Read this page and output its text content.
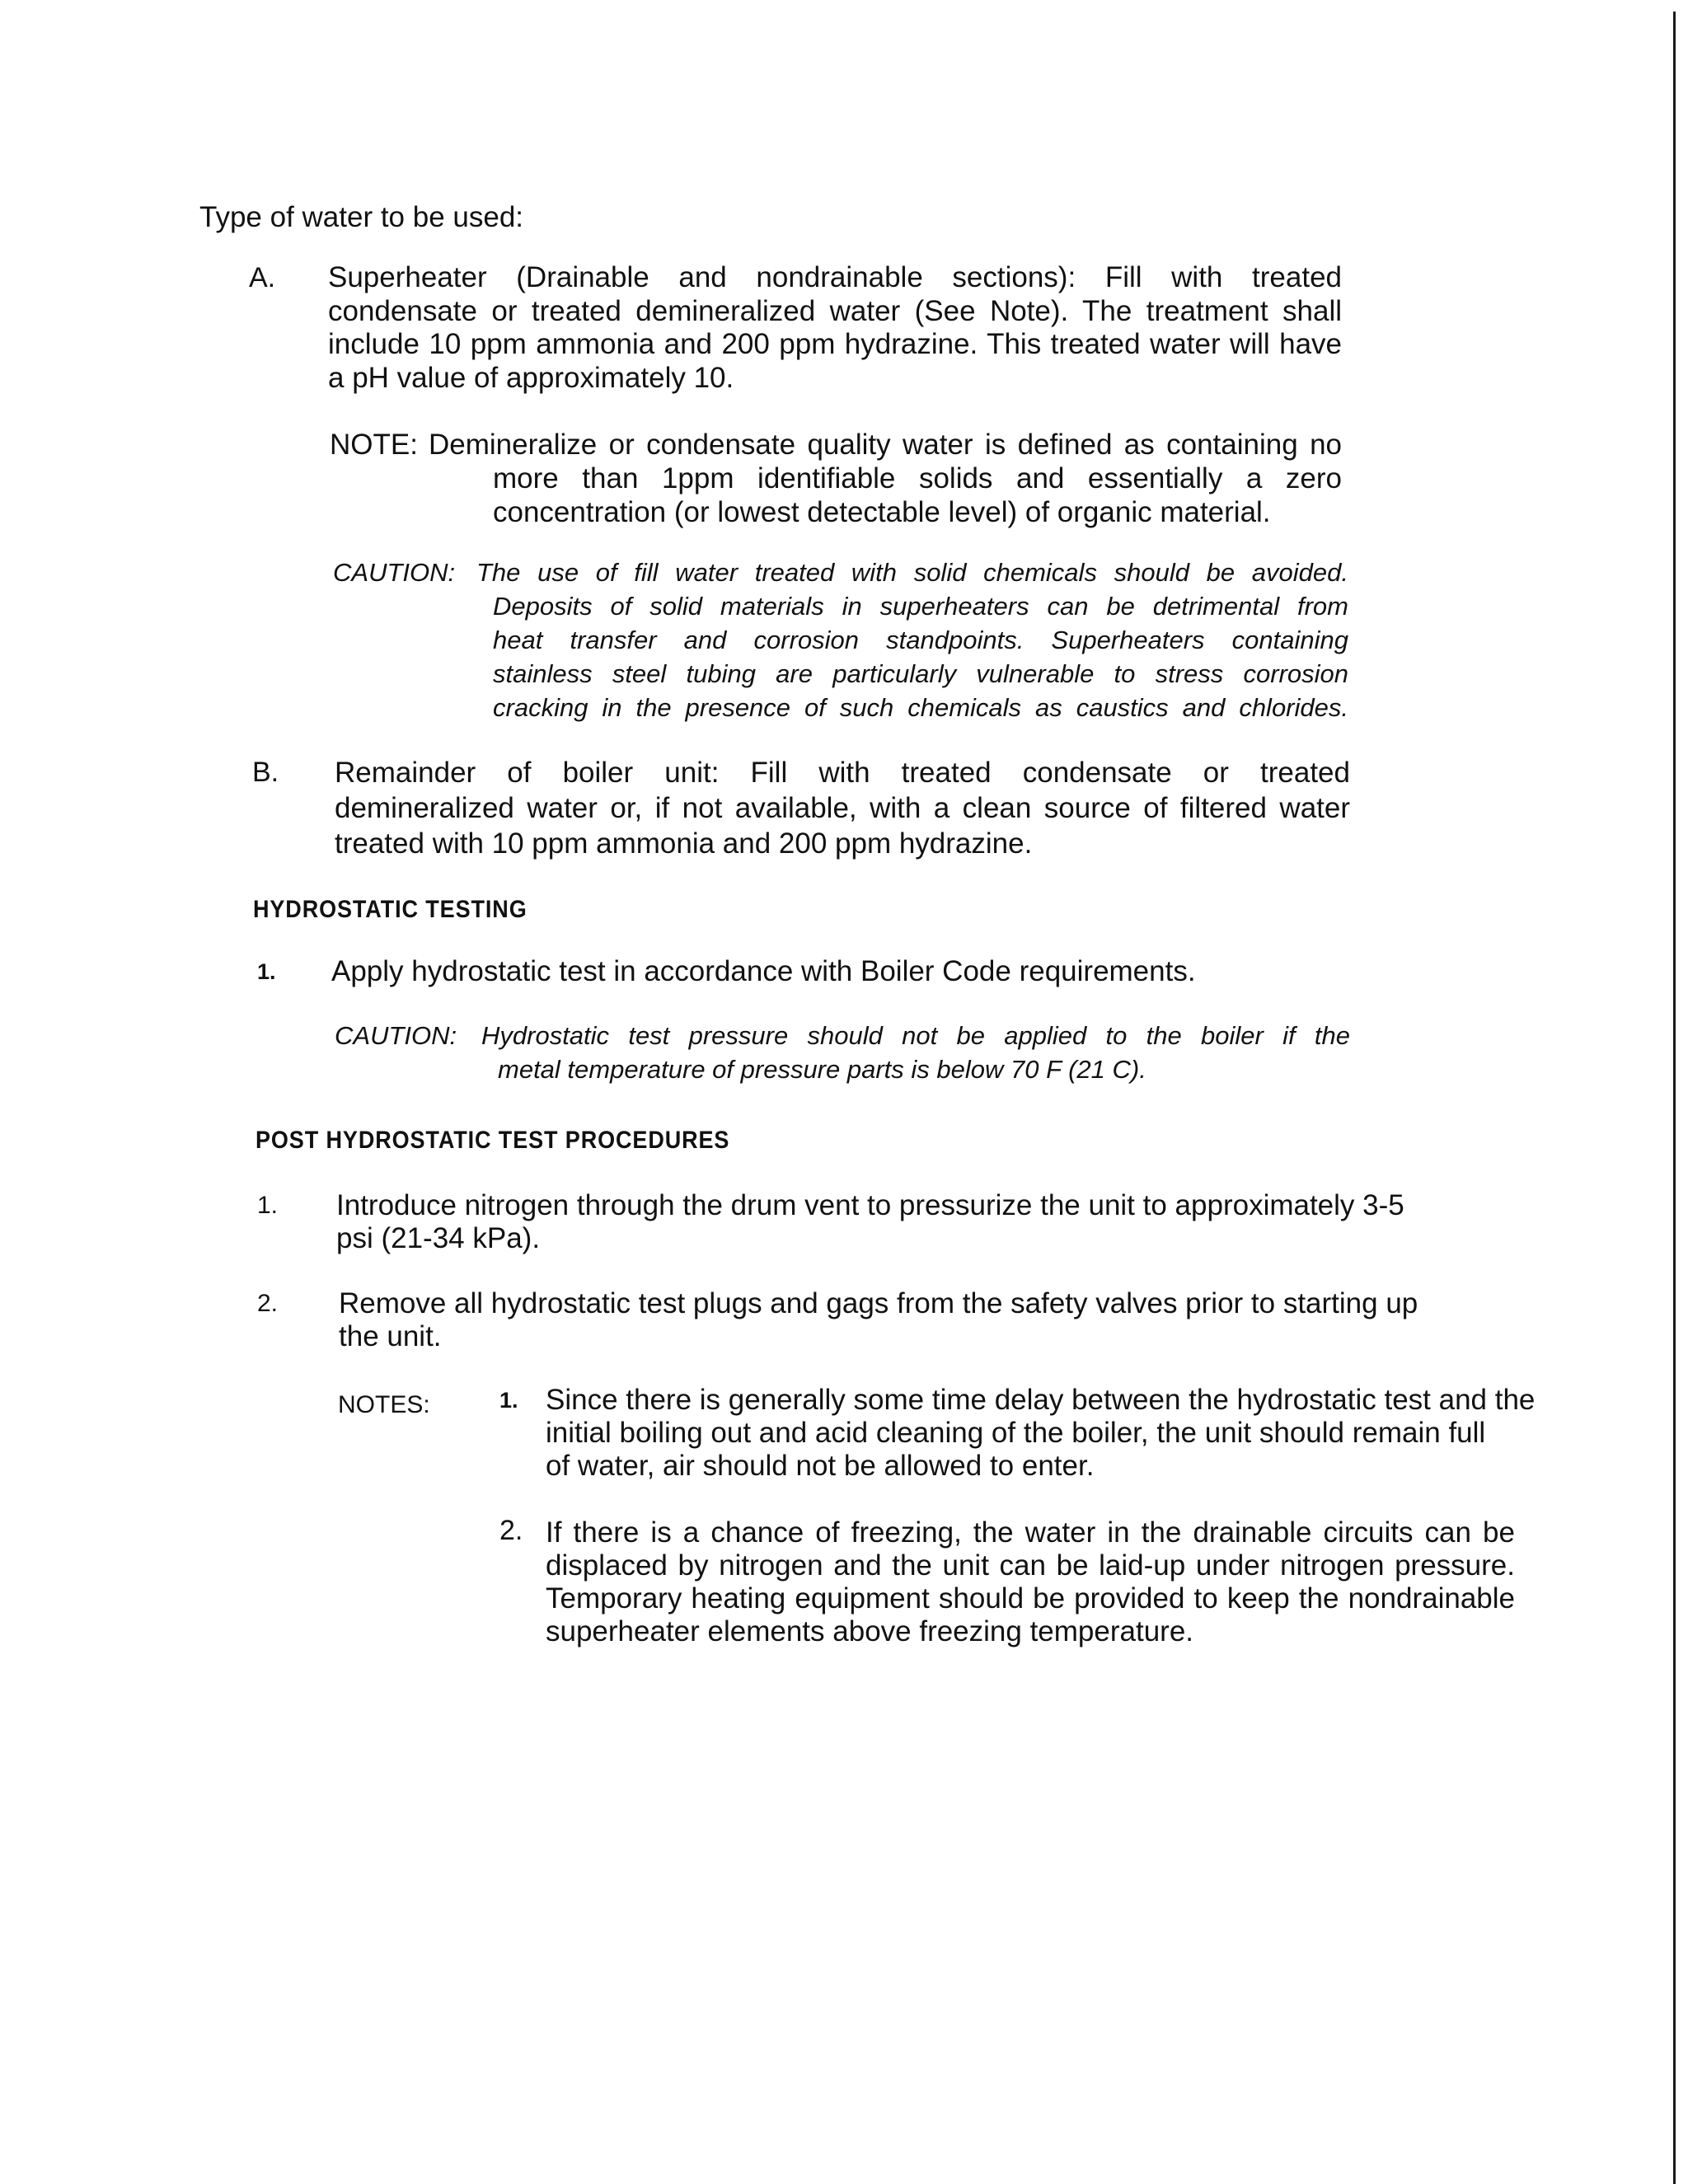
Type of water to be used:
A. Superheater (Drainable and nondrainable sections): Fill with treated
condensate or treated demineralized water (See Note). The treatment shall
include 10 ppm ammonia and 200 ppm hydrazine. This treated water will have
a pH value of approximately 10.
NOTE: Demineralize or condensate quality water is defined as containing no
more than 1ppm identifiable solids and essentially a zero
concentration (or lowest detectable level) of organic material.
CAUTION: The use of fill water treated with solid chemicals should be avoided.
Deposits of solid materials in superheaters can be detrimental from
heat transfer and corrosion standpoints. Superheaters containing
stainless steel tubing are particularly vulnerable to stress corrosion
cracking in the presence of such chemicals as caustics and chlorides.
B. Remainder of boiler unit: Fill with treated condensate or treated
demineralized water or, if not available, with a clean source of filtered water
treated with 10 ppm ammonia and 200 ppm hydrazine.
HYDROSTATIC TESTING
1. Apply hydrostatic test in accordance with Boiler Code requirements.
CAUTION: Hydrostatic test pressure should not be applied to the boiler if the
metal temperature of pressure parts is below 70 F (21 C).
POST HYDROSTATIC TEST PROCEDURES
1. Introduce nitrogen through the drum vent to pressurize the unit to approximately 3-5
psi (21-34 kPa).
2. Remove all hydrostatic test plugs and gags from the safety valves prior to starting up
the unit.
NOTES:	1. Since there is generally some time delay between the hydrostatic test and the
initial boiling out and acid cleaning of the boiler, the unit should remain full
of water, air should not be allowed to enter.
2. If there is a chance of freezing, the water in the drainable circuits can be
displaced by nitrogen and the unit can be laid-up under nitrogen pressure.
Temporary heating equipment should be provided to keep the nondrainable
superheater elements above freezing temperature.
